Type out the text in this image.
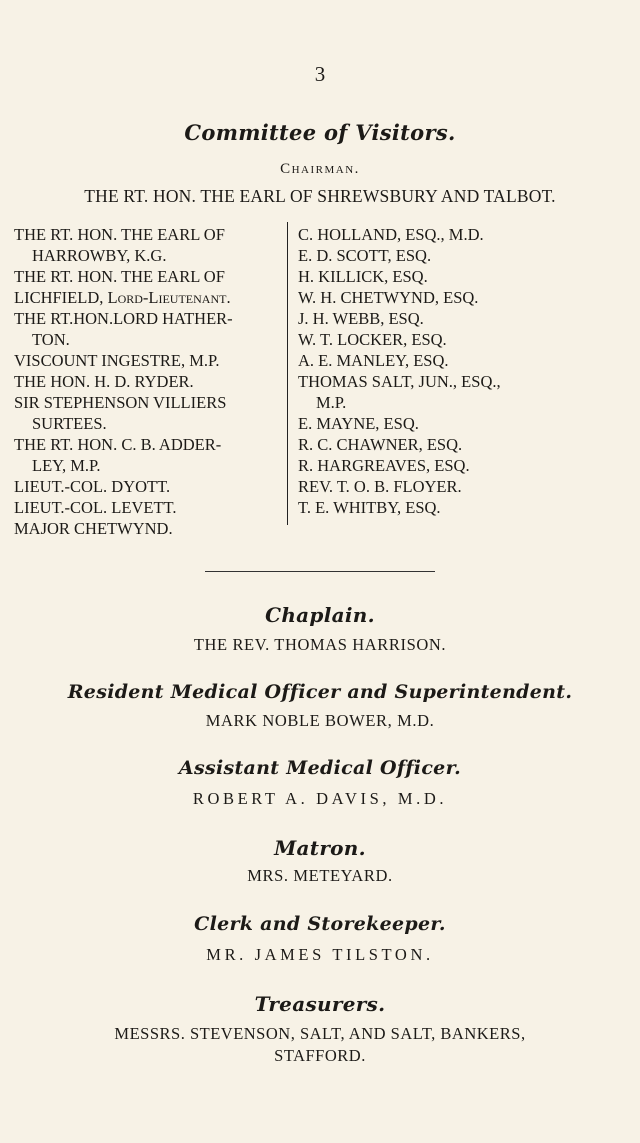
3
Committee of Visitors.
Chairman.
THE RT. HON. THE EARL OF SHREWSBURY AND TALBOT.
THE RT. HON. THE EARL OF
HARROWBY, K.G.
THE RT. HON. THE EARL OF
LICHFIELD, Lord-Lieutenant.
THE RT.HON.LORD HATHER-
TON.
VISCOUNT INGESTRE, M.P.
THE HON. H. D. RYDER.
SIR STEPHENSON VILLIERS
SURTEES.
THE RT. HON. C. B. ADDER-
LEY, M.P.
LIEUT.-COL. DYOTT.
LIEUT.-COL. LEVETT.
MAJOR CHETWYND.
C. HOLLAND, ESQ., M.D.
E. D. SCOTT, ESQ.
H. KILLICK, ESQ.
W. H. CHETWYND, ESQ.
J. H. WEBB, ESQ.
W. T. LOCKER, ESQ.
A. E. MANLEY, ESQ.
THOMAS SALT, JUN., ESQ.,
M.P.
E. MAYNE, ESQ.
R. C. CHAWNER, ESQ.
R. HARGREAVES, ESQ.
REV. T. O. B. FLOYER.
T. E. WHITBY, ESQ.
Chaplain.
THE REV. THOMAS HARRISON.
Resident Medical Officer and Superintendent.
MARK NOBLE BOWER, M.D.
Assistant Medical Officer.
ROBERT A. DAVIS, M.D.
Matron.
MRS. METEYARD.
Clerk and Storekeeper.
MR. JAMES TILSTON.
Treasurers.
MESSRS. STEVENSON, SALT, AND SALT, BANKERS,
STAFFORD.
